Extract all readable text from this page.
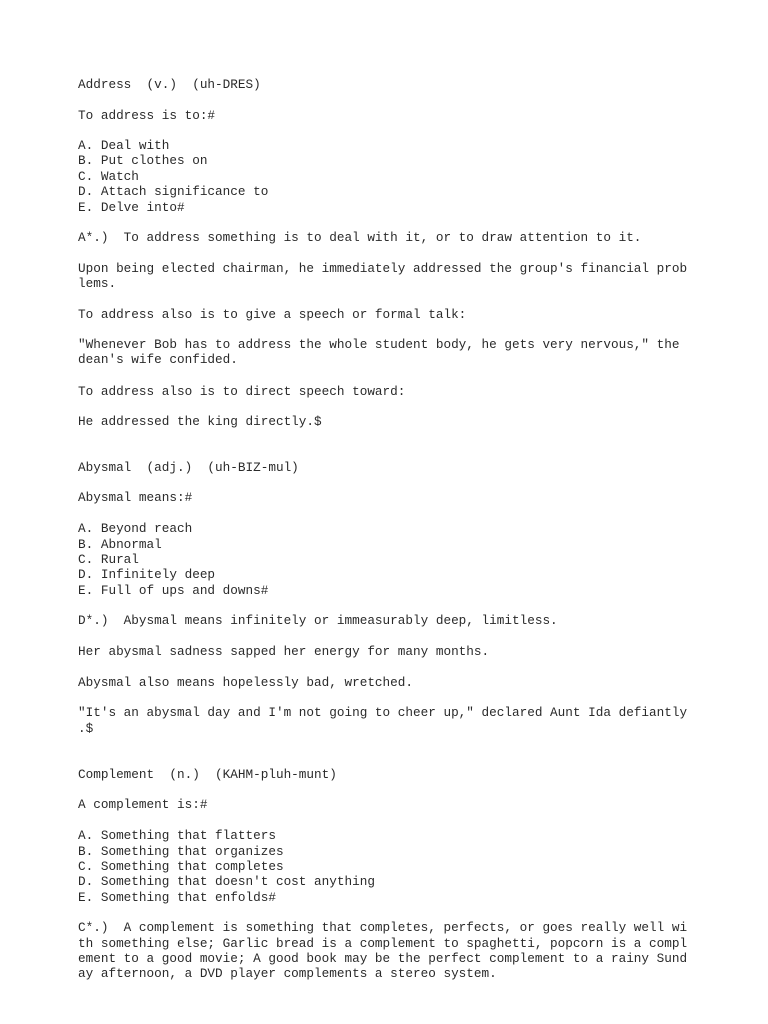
Address  (v.)  (uh-DRES)

To address is to:#

A. Deal with

B. Put clothes on

C. Watch

D. Attach significance to

E. Delve into#

A*.)  To address something is to deal with it, or to draw attention to it.

Upon being elected chairman, he immediately addressed the group's financial prob

lems.

To address also is to give a speech or formal talk:

"Whenever Bob has to address the whole student body, he gets very nervous," the

dean's wife confided.

To address also is to direct speech toward:

He addressed the king directly.$

Abysmal  (adj.)  (uh-BIZ-mul)

Abysmal means:#

A. Beyond reach

B. Abnormal

C. Rural

D. Infinitely deep

E. Full of ups and downs#

D*.)  Abysmal means infinitely or immeasurably deep, limitless.

Her abysmal sadness sapped her energy for many months.

Abysmal also means hopelessly bad, wretched.

"It's an abysmal day and I'm not going to cheer up," declared Aunt Ida defiantly

.$

Complement  (n.)  (KAHM-pluh-munt)

A complement is:#

A. Something that flatters

B. Something that organizes

C. Something that completes

D. Something that doesn't cost anything

E. Something that enfolds#

C*.)  A complement is something that completes, perfects, or goes really well wi

th something else; Garlic bread is a complement to spaghetti, popcorn is a compl

ement to a good movie; A good book may be the perfect complement to a rainy Sund

ay afternoon, a DVD player complements a stereo system.
